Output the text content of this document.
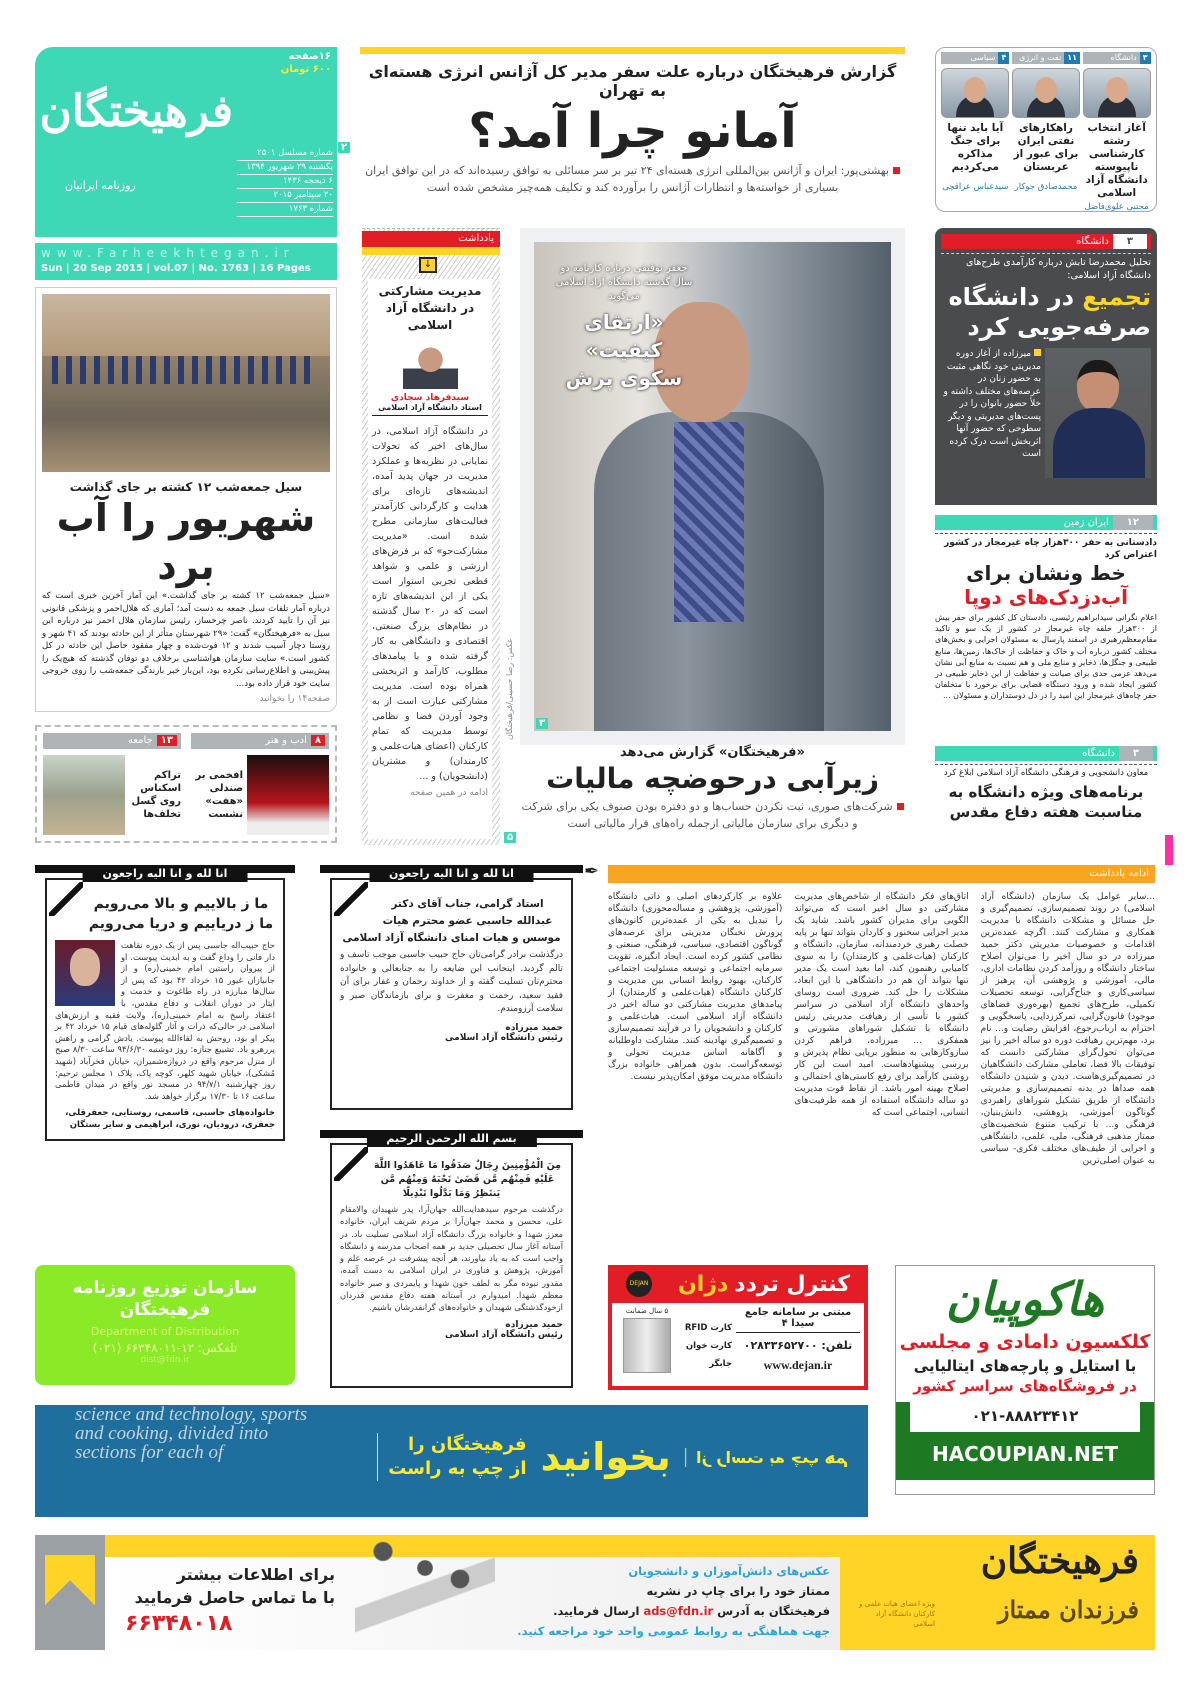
۱۶صفحه
۶۰۰ تومان
فرهیختگان
روزنامه ایرانیان
شماره مسلسل ۲۵۰۱
یکشنبه ۲۹ شهریور ۱۳۹۴
۶ ذیحجه ۱۴۳۶
۲۰ سپتامبر ۲۰۱۵
شماره ۱۷۶۳
www.Farheekhtegan.ir
Sun | 20 Sep 2015 | vol.07 | No. 1763 | 16 Pages
گزارش فرهیختگان درباره علت سفر مدیر کل آژانس انرژی هسته‌ای به تهران
آمانو چرا آمد؟
بهشتی‌پور: ایران و آژانس بین‌المللی انرژی هسته‌ای ۲۴ تیر بر سر مسائلی به توافق رسیده‌اند که در این توافق ایران بسیاری از خواسته‌ها و انتظارات آژانس را برآورده کند و تکلیف همه‌چیز مشخص شده است
۲
۳
دانشگاه
آغاز انتخاب رشته کارشناسی ناپیوسته دانشگاه آزاد اسلامی
مجتبی علوی‌فاضل
۱۱
نفت و انرژی
راهکارهای نفتی ایران برای عبور از عربستان
محمدصادق جوکار
۴
سیاسی
آیا باید تنها برای جنگ مذاکره می‌کردیم
سیدعباس عراقچی
سیل جمعه‌شب ۱۲ کشته بر جای گذاشت
شهریور را آب برد
«سیل جمعه‌شب ۱۲ کشته بر جای گذاشت.» این آمار آخرین خبری است که درباره آمار تلفات سیل جمعه به دست آمد؛ آماری که هلال‌احمر و پزشکی قانونی نیز آن را تایید کردند. ناصر چرخساز، رئیس سازمان هلال احمر نیز درباره این سیل به «فرهیختگان» گفت: «۲۹ شهرستان متأثر از این حادثه بودند که ۴۱ شهر و روستا دچار آسیب شدند و ۱۲ فوت‌شده و چهار مفقود حاصل این حادثه در کل کشور است.» سایت سازمان هواشناسی برخلاف دو توفان گذشته که هیچ‌یک را پیش‌بینی و اطلاع‌رسانی نکرده بود، این‌بار خبر بارندگی جمعه‌شب را روی خروجی سایت خود قرار داده بود...
صفحه۱۴ را بخوانید
۸ادب و هنر
افخمی بر صندلی «هفت» نشست
۱۳جامعه
تراکم اسکناس روی گسل تخلف‌ها
یادداشت
↓
مدیریت مشارکتی در دانشگاه آزاد اسلامی
سیدفرهاد سجادی
استاد دانشگاه آزاد اسلامی
در دانشگاه آزاد اسلامی، در سال‌های اخیر که تحولات نمایانی در نظریه‌ها و عملکرد مدیریت در جهان پدید آمده، اندیشه‌های تازه‌ای برای هدایت و کارگردانی کارآمدتر فعالیت‌های سازمانی مطرح شده است. «مدیریت مشارکت‌جو» که بر فرض‌های ارزشی و علمی و شواهد قطعی تجربی استوار است یکی از این اندیشه‌های تازه است که در ۲۰ سال گذشته در نظام‌های بزرگ صنعتی، اقتصادی و دانشگاهی به کار گرفته شده و با پیامدهای مطلوب، کارآمد و اثربخشی همراه بوده است. مدیریت مشارکتی عبارت است از به وجود آوردن فضا و نظامی توسط مدیریت که تمام کارکنان (اعضای هیات‌علمی و کارمندان) و مشتریان (دانشجویان) و ...
ادامه در همین صفحه
جعفر توفیقی درباره کارنامه دو سال گذشته دانشگاه آزاد اسلامی می‌گوید
«ارتقای کیفیت» سکوی پرش
۳
عکس: رضا حسینی/فرهیختگان
«فرهیختگان» گزارش می‌دهد
زیرآبی درحوضچه مالیات
شرکت‌های صوری، ثبت نکردن حساب‌ها و دو دفتره بودن صنوف یکی برای شرکت و دیگری برای سازمان مالیاتی ازجمله راه‌های فرار مالیاتی است
۵
۳
دانشگاه
تحلیل محمدرضا تابش درباره کارآمدی طرح‌های دانشگاه آزاد اسلامی:
تجمیع در دانشگاه صرفه‌جویی کرد
میرزاده از آغاز دوره مدیریتی خود نگاهی مثبت به حضور زنان در عرصه‌های مختلف داشته و خلأ حضور بانوان را در پست‌های مدیریتی و دیگر سطوحی که حضور آنها اثربخش است درک کرده است
۱۲
ایران زمین
دادستانی به حفر ۳۰۰هزار چاه غیرمجاز در کشور اعتراض کرد
خط ونشان برای
آب‌دزدک‌های دوپا
اعلام نگرانی سیدابراهیم رئیسی، دادستان کل کشور برای حفر بیش از ۳۰۰هزار حلقه چاه غیرمجاز در کشور از یک سو و تاکید مقام‌معظم‌رهبری در اسفند پارسال به مسئولان اجرایی و بخش‌های مختلف کشور درباره آب و خاک و حفاظت از خاک‌ها، زمین‌ها، منابع طبیعی و جنگل‌ها، ذخایر و منابع ملی و هم نسبت به منابع آبی نشان می‌دهد عزمی جدی برای صیانت و حفاظت از این ذخایر طبیعی در کشور ایجاد شده و ورود دستگاه قضایی برای برخورد با متخلفان حفر چاه‌های غیرمجاز این امید را در دل دوستداران و مسئولان ...
۳
دانشگاه
معاون دانشجویی و فرهنگی دانشگاه آزاد اسلامی ابلاغ کرد
برنامه‌های ویژه دانشگاه به مناسبت هفته دفاع مقدس
انا لله و انا الیه راجعون
ما ز بالاییم و بالا می‌رویم ما ز دریاییم و دریا می‌رویم
حاج حبیب‌اله جاسبی پس از یک دوره نقاهت دار فانی را وداع گفت و به ابدیت پیوست. او از پیروان راستین امام خمینی(ره) و از جانبازان غیور ۱۵ خرداد ۴۲ بود که پس از سال‌ها مبارزه در راه طاغوت و خدمت و ایثار در دوران انقلاب و دفاع مقدس، با اعتقاد راسخ به امام خمینی(ره)، ولایت فقیه و ارزش‌های اسلامی در حالی‌که ذرات و آثار گلوله‌های قیام ۱۵ خرداد ۴۲ بر پیکر او بود، روحش به لقاءالله پیوست. یادش گرامی و راهش پررهرو باد. تشییع جنازه: روز دوشنبه ۹۴/۶/۳۰ ساعت ۸/۳۰ صبح از منزل مرحوم واقع در دروازه‌شمیران، خیابان فخرآباد (شهید مُشکی)، خیابان شهید کلهر، کوچه پاک، پلاک ۱ مجلس ترحیم: روز چهارشنبه ۹۴/۷/۱ در مسجد نور واقع در میدان فاطمی ساعت ۱۶ تا ۱۷/۳۰ برگزار خواهد شد.
خانواده‌های جاسبی، قاسمی، روستایی، جعفرقلی، جعفری، درودیان، نوری، ابراهیمی و سایر بستگان
انا لله و انا الیه راجعون
استاد گرامی، جناب آقای دکتر عبدالله جاسبی عضو محترم هیات موسس و هیات امنای دانشگاه آزاد اسلامی
درگذشت برادر گرامی‌تان حاج حبیب جاسبی موجب تاسف و تالم گردید. اینجانب این ضایعه را به جنابعالی و خانواده محترم‌تان تسلیت گفته و از خداوند رحمان و غفار برای آن فقید سعید، رحمت و مغفرت و برای بازماندگان صبر و سلامت آرزومندم.
حمید میرزاده
رئیس دانشگاه آزاد اسلامی
بسم الله الرحمن الرحیم
مِنَ الْمُؤْمِنِينَ رِجَالٌ صَدَقُوا مَا عَاهَدُوا اللَّهَ عَلَيْهِ فَمِنْهُم مَّن قَضَىٰ نَحْبَهُ وَمِنْهُم مَّن يَنتَظِرُ وَمَا بَدَّلُوا تَبْدِيلًا
درگذشت مرحوم سیدهدایت‌الله جهان‌آرا، پدر شهیدان والامقام علی، محسن و محمد جهان‌آرا بر مردم شریف ایران، خانواده معزز شهدا و خانواده بزرگ دانشگاه آزاد اسلامی تسلیت باد. در آستانه آغاز سال تحصیلی جدید بر همه اصحاب مدرسه و دانشگاه واجب است که به یاد بیاورند، هر آنچه پیشرفت در عرصه علم و آموزش، پژوهش و فناوری در ایران اسلامی به دست آمده، مقدور نبوده مگر به لطف خون شهدا و پایمردی و صبر خانواده معظم شهدا. امیدوارم در آستانه هفته دفاع مقدس قدردان ازخودگذشتگی شهیدان و خانواده‌های گرانقدرشان باشیم.
حمید میرزاده
رئیس دانشگاه آزاد اسلامی
سازمان توزیع روزنامه فرهیختگان
Department of Distribution
تلفکس: ۱۲-۶۶۳۴۸۰۱۱ (۰۲۱)
dist@fdn.ir
ادامه یادداشت
✒
...سایر عوامل یک سازمان (دانشگاه آزاد اسلامی) در روند تصمیم‌سازی، تصمیم‌گیری و حل مسائل و مشکلات دانشگاه با مدیریت همکاری و مشارکت کنند. اگرچه عمده‌ترین اقدامات و خصوصیات مدیریتی دکتر حمید میرزاده در دو سال اخیر را می‌توان اصلاح ساختار دانشگاه و روزآمد کردن نظامات اداری، مالی، آموزشی و پژوهشی آن، پرهیز از سیاسی‌کاری و جناح‌گرایی، توسعه تحصیلات تکمیلی، طرح‌های تجمیع (بهره‌وری فضاهای موجود) قانون‌گرایی، تمرکززدایی، پاسخگویی و احترام به ارباب‌رجوع، افزایش رضایت و... نام برد، مهم‌ترین رهیافت دوره دو ساله اخیر را نیز می‌توان تحول‌گرای مشارکتی دانست که توفیقات بالا فضا، تعاملی مشارکت دانشگاهیان در تصمیم‌گیری‌هاست. دیدن و شنیدن دانشگاه همه صداها در بدنه تصمیم‌سازی و مدیریتی دانشگاه از طریق تشکیل شوراهای راهبردی گوناگون آموزشی، پژوهشی، دانش‌بنیان، فرهنگی و... با ترکیب متنوع شخصیت‌های ممتاز مذهبی فرهنگی، ملی، علمی، دانشگاهی و اجرایی از طیف‌های مختلف فکری- سیاسی به عنوان اصلی‌ترین
اتاق‌های فکر دانشگاه از شاخص‌های مدیریت مشارکتی دو سال اخیر است که می‌تواند الگویی برای مدیران کشور باشد. شاید یک مدیر اجرایی سخنور و کاردان بتواند تنها بر پایه خصلت رهبری خردمندانه، سازمان، دانشگاه و کارکنان (هیات‌علمی و کارمندان) را به سوی کامیابی رهنمون کند، اما بعید است یک مدیر تنها بتواند آن هم در دانشگاهی با این ابعاد، مشکلات را حل کند. ضروری است روسای واحدهای دانشگاه آزاد اسلامی در سراسر کشور با تأسی از رهیافت مدیریتی رئیس دانشگاه با تشکیل شوراهای مشورتی و همفکری ... میرزاده، فراهم کردن سازوکارهایی به منظور برپایی نظام پذیرش و بررسی پیشنهادهاست. امید است این کار روشنی کارآمد برای رفع کاستی‌های احتمالی و اصلاح بهینه امور باشد. از نقاط قوت مدیریت دو ساله دانشگاه استفاده از همه ظرفیت‌های انسانی، اجتماعی است که
علاوه بر کارکردهای اصلی و ذاتی دانشگاه (آموزشی، پژوهشی و مساله‌محوری) دانشگاه را تبدیل به یکی از عمده‌ترین کانون‌های پرورش نخبگان مدیریتی برای عرصه‌های گوناگون اقتصادی، سیاسی، فرهنگی، صنعتی و نظامی کشور کرده است. ایجاد انگیزه، تقویت سرمایه اجتماعی و توسعه مسئولیت اجتماعی کارکنان، بهبود روابط انسانی بین مدیریت و کارکنان دانشگاه (هیات‌علمی و کارمندان) از پیامدهای مدیریت مشارکتی دو ساله اخیر در دانشگاه آزاد اسلامی است. هیات‌علمی و کارکنان و دانشجویان را در فرآیند تصمیم‌سازی و تصمیم‌گیری نهادینه کنند. مشارکت داوطلبانه و آگاهانه اساس مدیریت تحولی و توسعه‌گراست. بدون همراهی خانواده بزرگ دانشگاه مدیریت موفق امکان‌پذیر نیست.
کنترل تردد
دژان
DEJAN
مبتنی بر سامانه جامع سیدا ۴
تلفن: ۰۲۸۳۳۶۵۲۷۰۰
www.dejan.ir
کارت RFID
کارت خوان
جابگر
۵ سال ضمانت	هاکوپیان
کلکسیون دامادی و مجلسی
با استایل و پارچه‌های ایتالیایی
در فروشگاه‌های سراسر کشور
۰۲۱-۸۸۸۲۳۴۱۲
HACOUPIAN.NET
science and technology, sports and cooking, divided into sections for each of	فرهیختگان را
از چپ به راست بخوانید	از راست به چپ هم
برای اطلاعات بیشتر
با ما تماس حاصل فرمایید
۶۶۳۴۸۰۱۸
عکس‌های دانش‌آموزان و دانشجویان
ممتاز خود را برای چاپ در نشریه
فرهیختگان به آدرس ads@fdn.ir ارسال فرمایید.
جهت هماهنگی به روابط عمومی واحد خود مراجعه کنید.
فرهیختگان
فرزندان ممتاز
ویژه اعضای هیات علمی و کارکنان دانشگاه آزاد اسلامی
